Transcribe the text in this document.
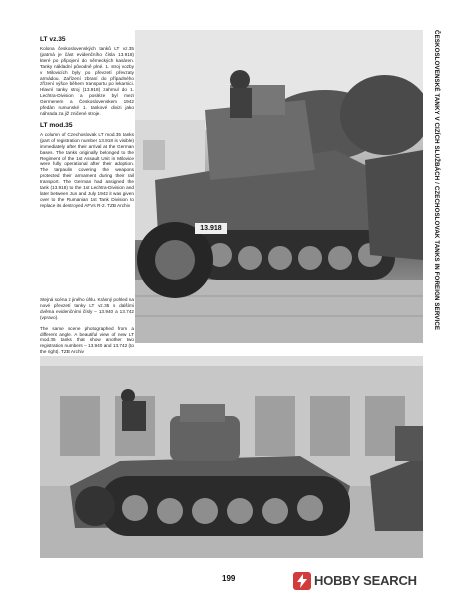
LT vz.35

Kolona československých tanků LT vz.35 (patrná je část evidenčního čísla 13.918) které po připojení do německých kasáren. Tanky nákladní původně plné. 1. stroj vozby v Milovicích byly po převzetí převzaty armádou. Zařízení zbraní do případného zřízení výšce během transportu po lekarnici. Hlavní tanky stroj (13.918) zahrnul do 1. Lechtra-Division a posléze byl mezi Germenem a Československem 1942 předán rumunské 1. tankové divizi jako náhrada za již zničené stroje.

LT mod.35

A column of Czechoslovak LT mod.35 tanks (part of registration number 13.918 is visible) immediately after their arrival at the German bases. The tanks originally belonged to the Regiment of the 1st Assault Unit in Milovice were fully operational after their adoption. The tarpaulin covering the weapons protected their armament during their rail transport. The German had assigned the tank (13.918) to the 1st Lechtra-Division and later between Jun and July 1942 it was given over to the Rumanian 1st Tank Division to replace its destroyed AFVs R-2. TZB Archiv

Stejná scéna z jiného úhlu. Krásný pohled na nové převzetí tanky LT vz.35 s dalšími dvěma evidenčními čísly – 13.940 a 13.742 (vpravo).

The same scene photographed from a different angle. A beautiful view of new LT mod.35 tanks that show another two registration numbers – 13.940 and 13.742 (to the right). TZB Archiv

13.918	ČESKOSLOVENSKÉ TANKY V CIZÍCH SLUŽBÁCH / CZECHOSLOVAK TANKS IN FOREIGN SERVICE
199	HOBBY SEARCH
